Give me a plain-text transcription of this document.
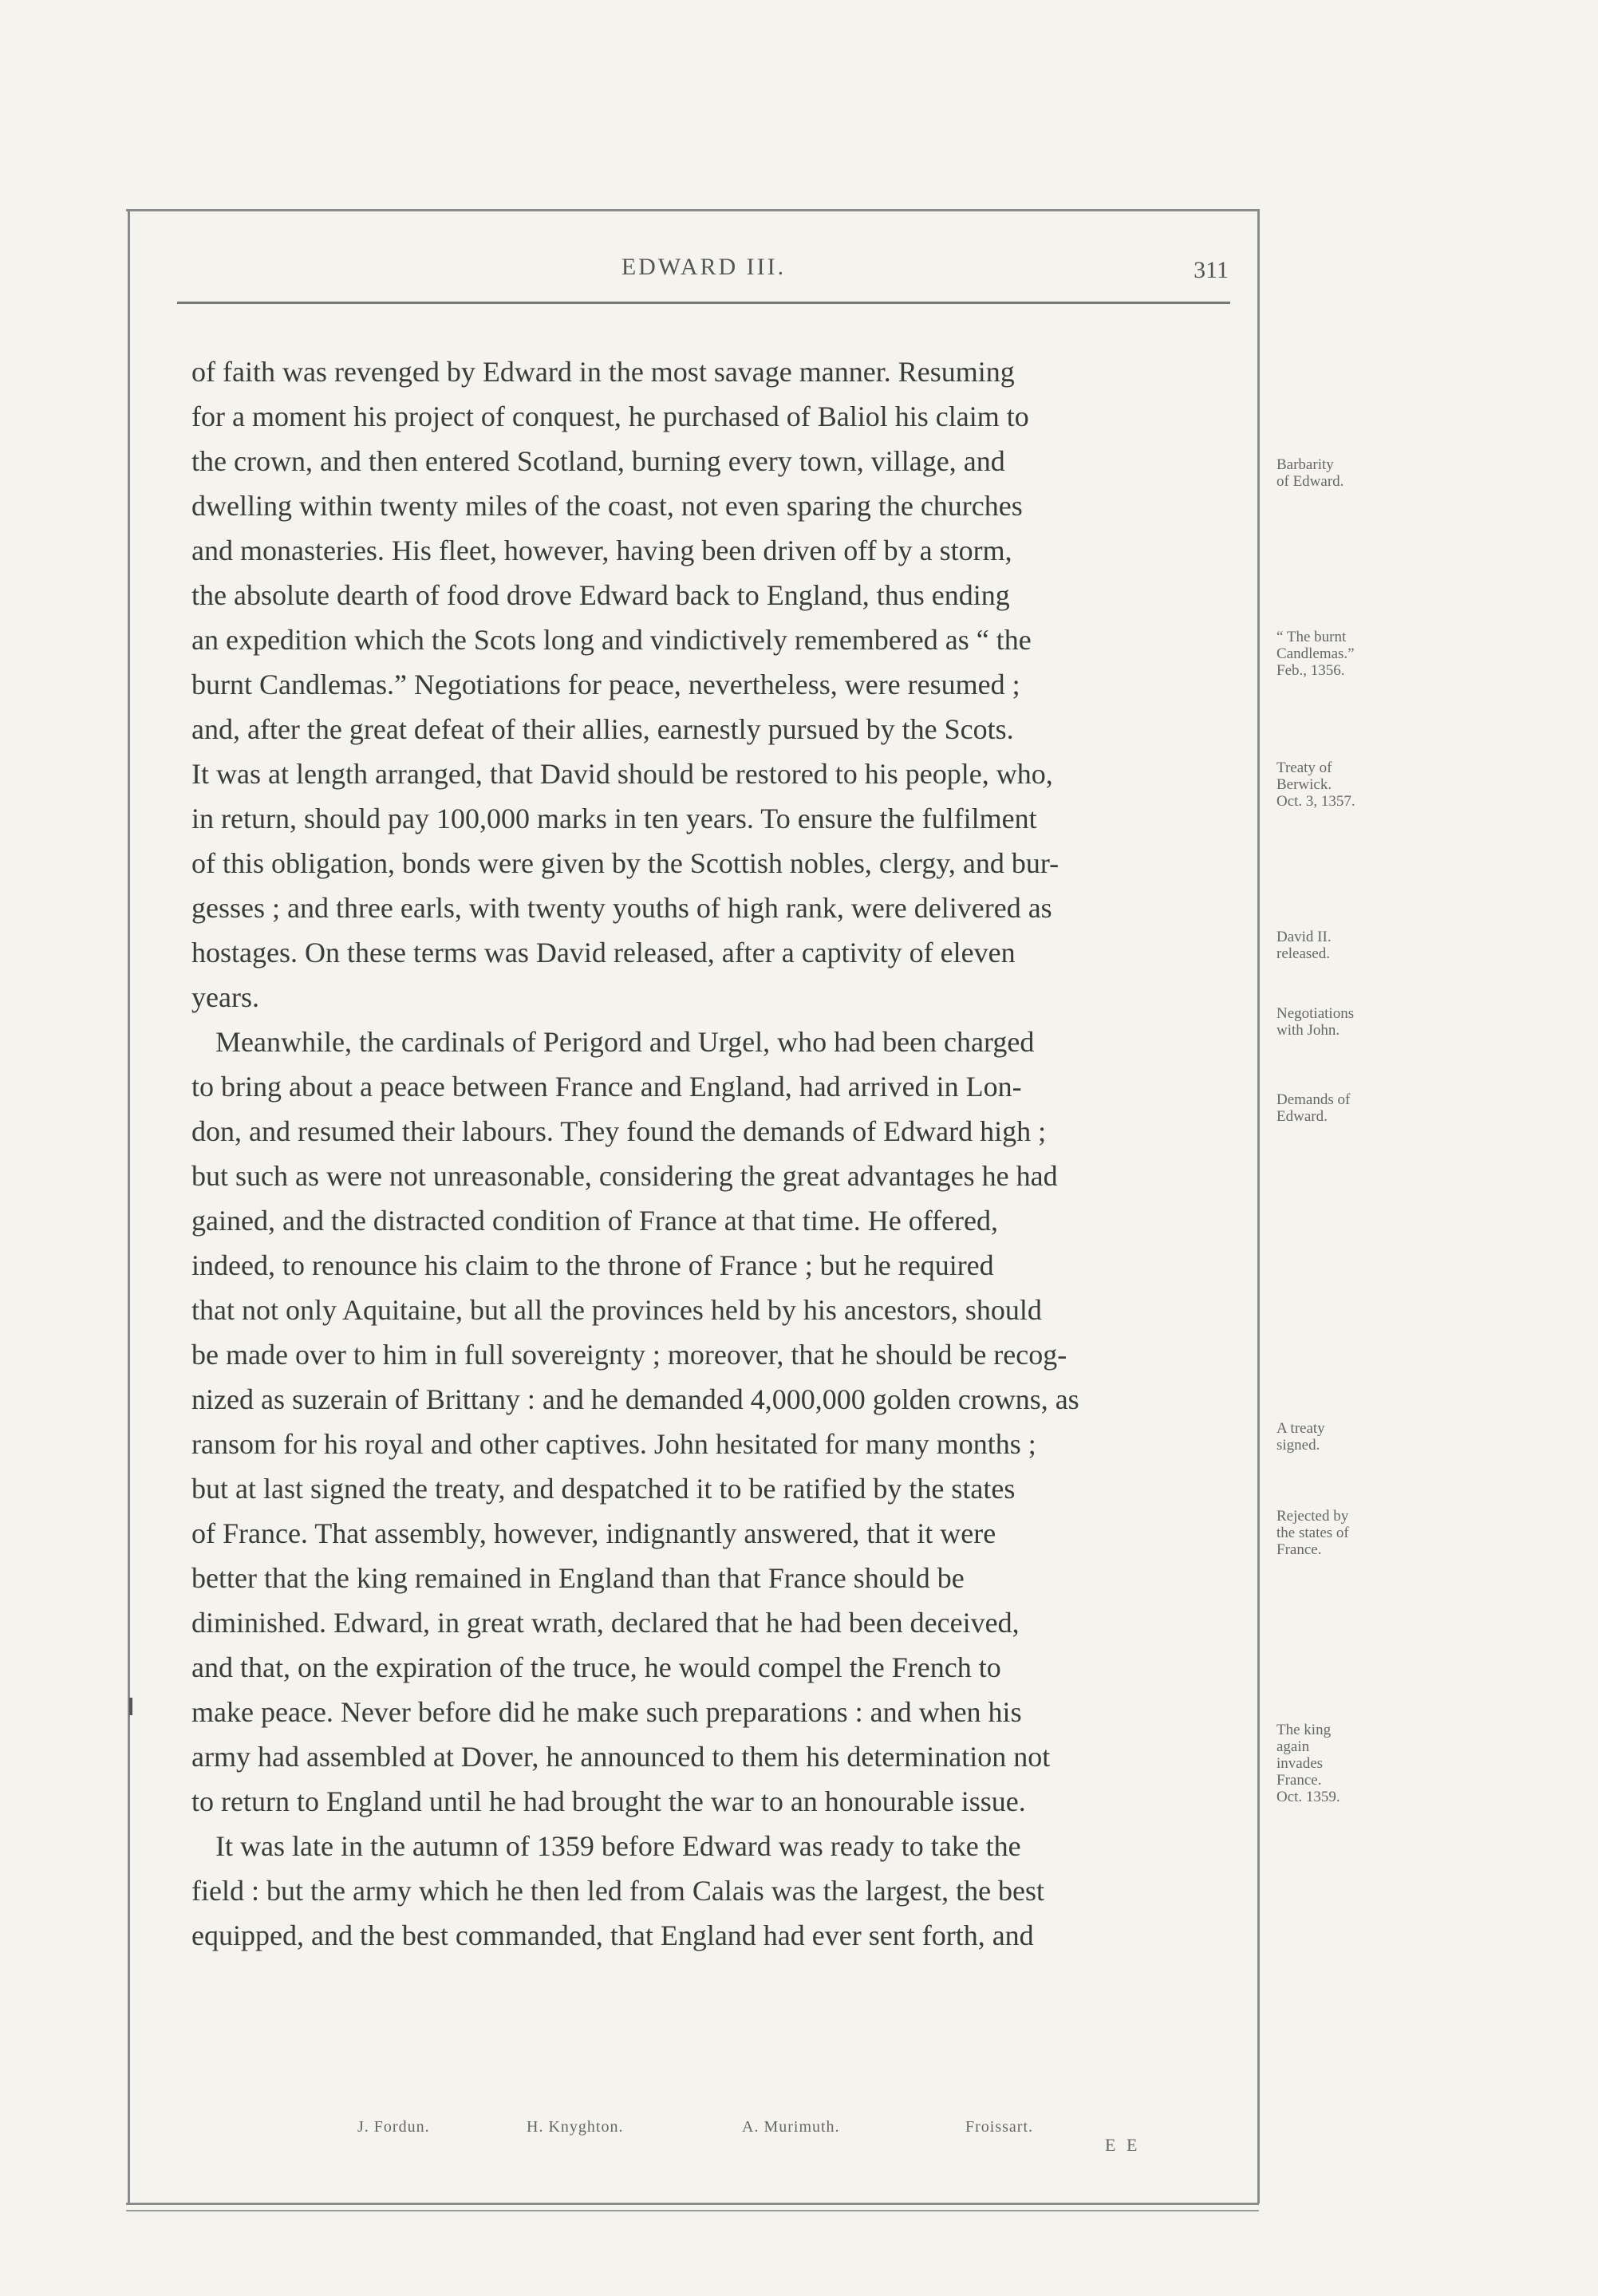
EDWARD III.	311
of faith was revenged by Edward in the most savage manner. Resuming
for a moment his project of conquest, he purchased of Baliol his claim to
the crown, and then entered Scotland, burning every town, village, and
dwelling within twenty miles of the coast, not even sparing the churches
and monasteries. His fleet, however, having been driven off by a storm,
the absolute dearth of food drove Edward back to England, thus ending
an expedition which the Scots long and vindictively remembered as “ the
burnt Candlemas.” Negotiations for peace, nevertheless, were resumed ;
and, after the great defeat of their allies, earnestly pursued by the Scots.
It was at length arranged, that David should be restored to his people, who,
in return, should pay 100,000 marks in ten years. To ensure the fulfilment
of this obligation, bonds were given by the Scottish nobles, clergy, and bur-
gesses ; and three earls, with twenty youths of high rank, were delivered as
hostages. On these terms was David released, after a captivity of eleven
years.
Meanwhile, the cardinals of Perigord and Urgel, who had been charged
to bring about a peace between France and England, had arrived in Lon-
don, and resumed their labours. They found the demands of Edward high ;
but such as were not unreasonable, considering the great advantages he had
gained, and the distracted condition of France at that time. He offered,
indeed, to renounce his claim to the throne of France ; but he required
that not only Aquitaine, but all the provinces held by his ancestors, should
be made over to him in full sovereignty ; moreover, that he should be recog-
nized as suzerain of Brittany : and he demanded 4,000,000 golden crowns, as
ransom for his royal and other captives. John hesitated for many months ;
but at last signed the treaty, and despatched it to be ratified by the states
of France. That assembly, however, indignantly answered, that it were
better that the king remained in England than that France should be
diminished. Edward, in great wrath, declared that he had been deceived,
and that, on the expiration of the truce, he would compel the French to
make peace. Never before did he make such preparations : and when his
army had assembled at Dover, he announced to them his determination not
to return to England until he had brought the war to an honourable issue.
It was late in the autumn of 1359 before Edward was ready to take the
field : but the army which he then led from Calais was the largest, the best
equipped, and the best commanded, that England had ever sent forth, and
Barbarity
of Edward.
“ The burnt
Candlemas.”
Feb., 1356.
Treaty of
Berwick.
Oct. 3, 1357.
David II.
released.
Negotiations
with John.
Demands of
Edward.
A treaty
signed.
Rejected by
the states of
France.
The king
again
invades
France.
Oct. 1359.
J. Fordun.	H. Knyghton.	A. Murimuth.	Froissart.
E E
